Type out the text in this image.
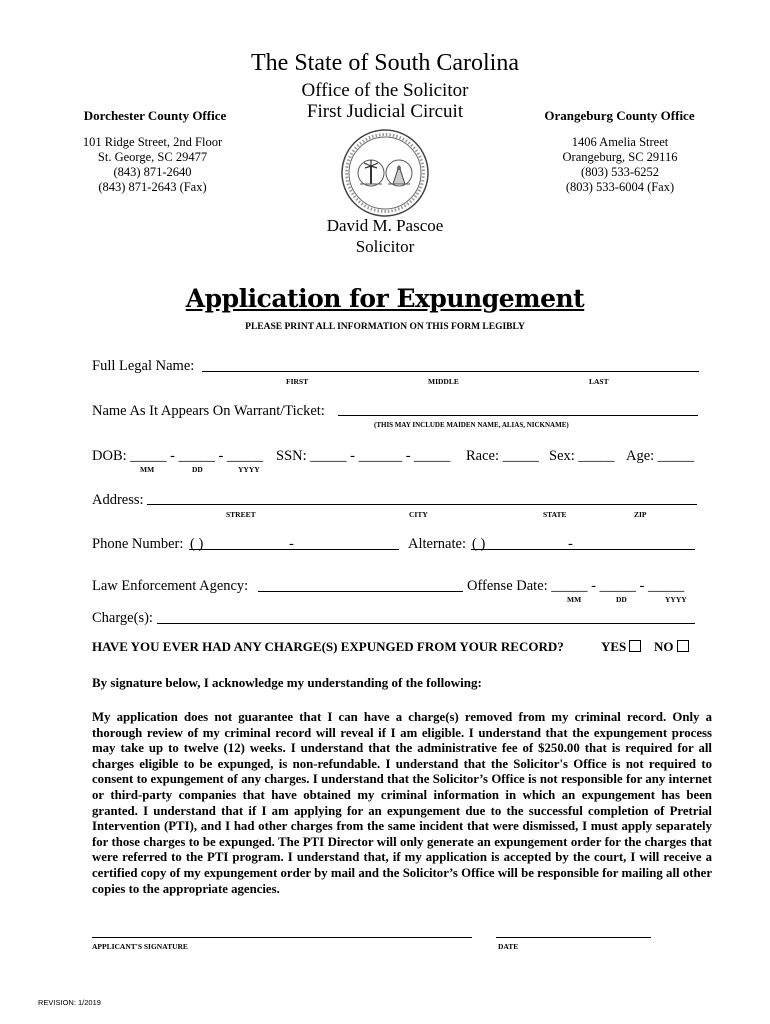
The State of South Carolina
Office of the Solicitor
First Judicial Circuit
Dorchester County Office
101 Ridge Street, 2nd Floor
St. George, SC 29477
(843) 871-2640
(843) 871-2643 (Fax)
Orangeburg County Office
1406 Amelia Street
Orangeburg, SC 29116
(803) 533-6252
(803) 533-6004 (Fax)
David M. Pascoe
Solicitor
Application for Expungement
PLEASE PRINT ALL INFORMATION ON THIS FORM LEGIBLY
Full Legal Name:
FIRST	MIDDLE	LAST
Name As It Appears On Warrant/Ticket:
(THIS MAY INCLUDE MAIDEN NAME, ALIAS, NICKNAME)
DOB: _____ - _____ - _____ SSN: _____ - ______ - _____ Race: _____ Sex: _____ Age: _____
MM	DD	YYYY
Address:
STREET	CITY	STATE	ZIP
Phone Number: ( )	-	Alternate: ( )	-
Law Enforcement Agency:	Offense Date: _____ - _____ - _____
MM	DD	YYYY
Charge(s):
HAVE YOU EVER HAD ANY CHARGE(S) EXPUNGED FROM YOUR RECORD?	YES	NO
By signature below, I acknowledge my understanding of the following:
My application does not guarantee that I can have a charge(s) removed from my criminal record. Only a thorough review of my criminal record will reveal if I am eligible. I understand that the expungement process may take up to twelve (12) weeks. I understand that the administrative fee of $250.00 that is required for all charges eligible to be expunged, is non-refundable. I understand that the Solicitor's Office is not required to consent to expungement of any charges. I understand that the Solicitor’s Office is not responsible for any internet or third-party companies that have obtained my criminal information in which an expungement has been granted. I understand that if I am applying for an expungement due to the successful completion of Pretrial Intervention (PTI), and I had other charges from the same incident that were dismissed, I must apply separately for those charges to be expunged. The PTI Director will only generate an expungement order for the charges that were referred to the PTI program. I understand that, if my application is accepted by the court, I will receive a certified copy of my expungement order by mail and the Solicitor’s Office will be responsible for mailing all other copies to the appropriate agencies.
APPLICANT'S SIGNATURE	DATE
REVISION: 1/2019
